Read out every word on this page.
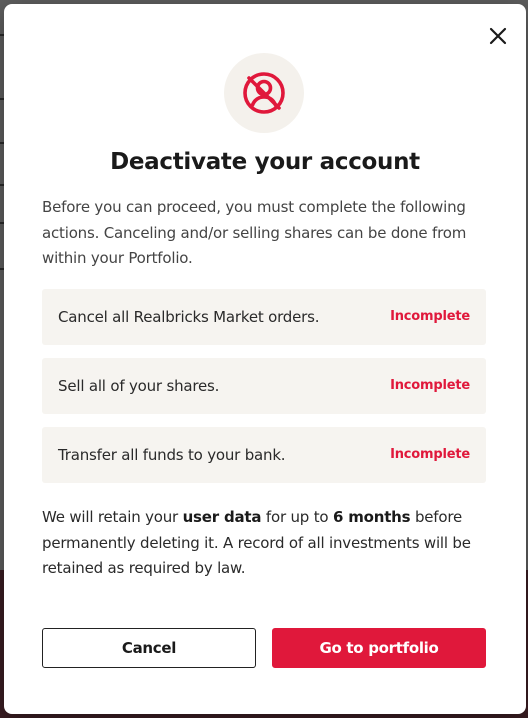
Deactivate your account
Before you can proceed, you must complete the following actions. Canceling and/or selling shares can be done from within your Portfolio.
Cancel all Realbricks Market orders.	Incomplete
Sell all of your shares.	Incomplete
Transfer all funds to your bank.	Incomplete
We will retain your user data for up to 6 months before permanently deleting it. A record of all investments will be retained as required by law.
Cancel	Go to portfolio
